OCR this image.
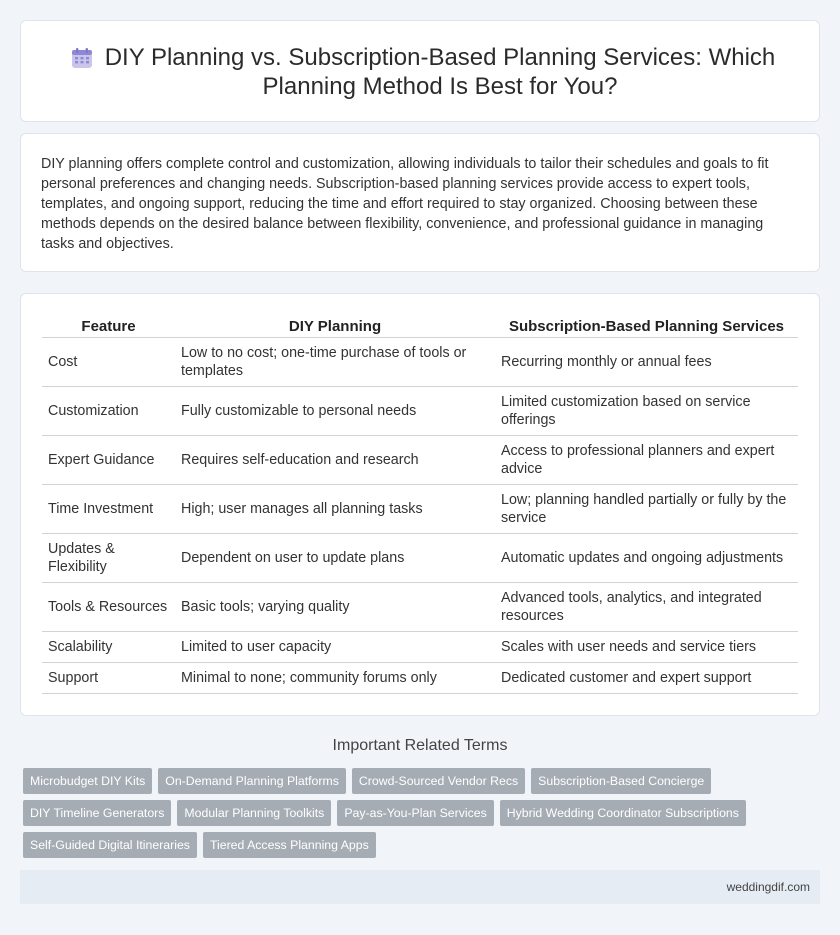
DIY Planning vs. Subscription-Based Planning Services: Which Planning Method Is Best for You?

DIY planning offers complete control and customization, allowing individuals to tailor their schedules and goals to fit personal preferences and changing needs. Subscription-based planning services provide access to expert tools, templates, and ongoing support, reducing the time and effort required to stay organized. Choosing between these methods depends on the desired balance between flexibility, convenience, and professional guidance in managing tasks and objectives.

Feature	DIY Planning	Subscription-Based Planning Services
Cost	Low to no cost; one-time purchase of tools or templates	Recurring monthly or annual fees
Customization	Fully customizable to personal needs	Limited customization based on service offerings
Expert Guidance	Requires self-education and research	Access to professional planners and expert advice
Time Investment	High; user manages all planning tasks	Low; planning handled partially or fully by the service
Updates & Flexibility	Dependent on user to update plans	Automatic updates and ongoing adjustments
Tools & Resources	Basic tools; varying quality	Advanced tools, analytics, and integrated resources
Scalability	Limited to user capacity	Scales with user needs and service tiers
Support	Minimal to none; community forums only	Dedicated customer and expert support
Important Related Terms
Microbudget DIY Kits On-Demand Planning Platforms Crowd-Sourced Vendor Recs Subscription-Based Concierge
DIY Timeline Generators Modular Planning Toolkits Pay-as-You-Plan Services Hybrid Wedding Coordinator Subscriptions
Self-Guided Digital Itineraries Tiered Access Planning Apps
weddingdif.com
